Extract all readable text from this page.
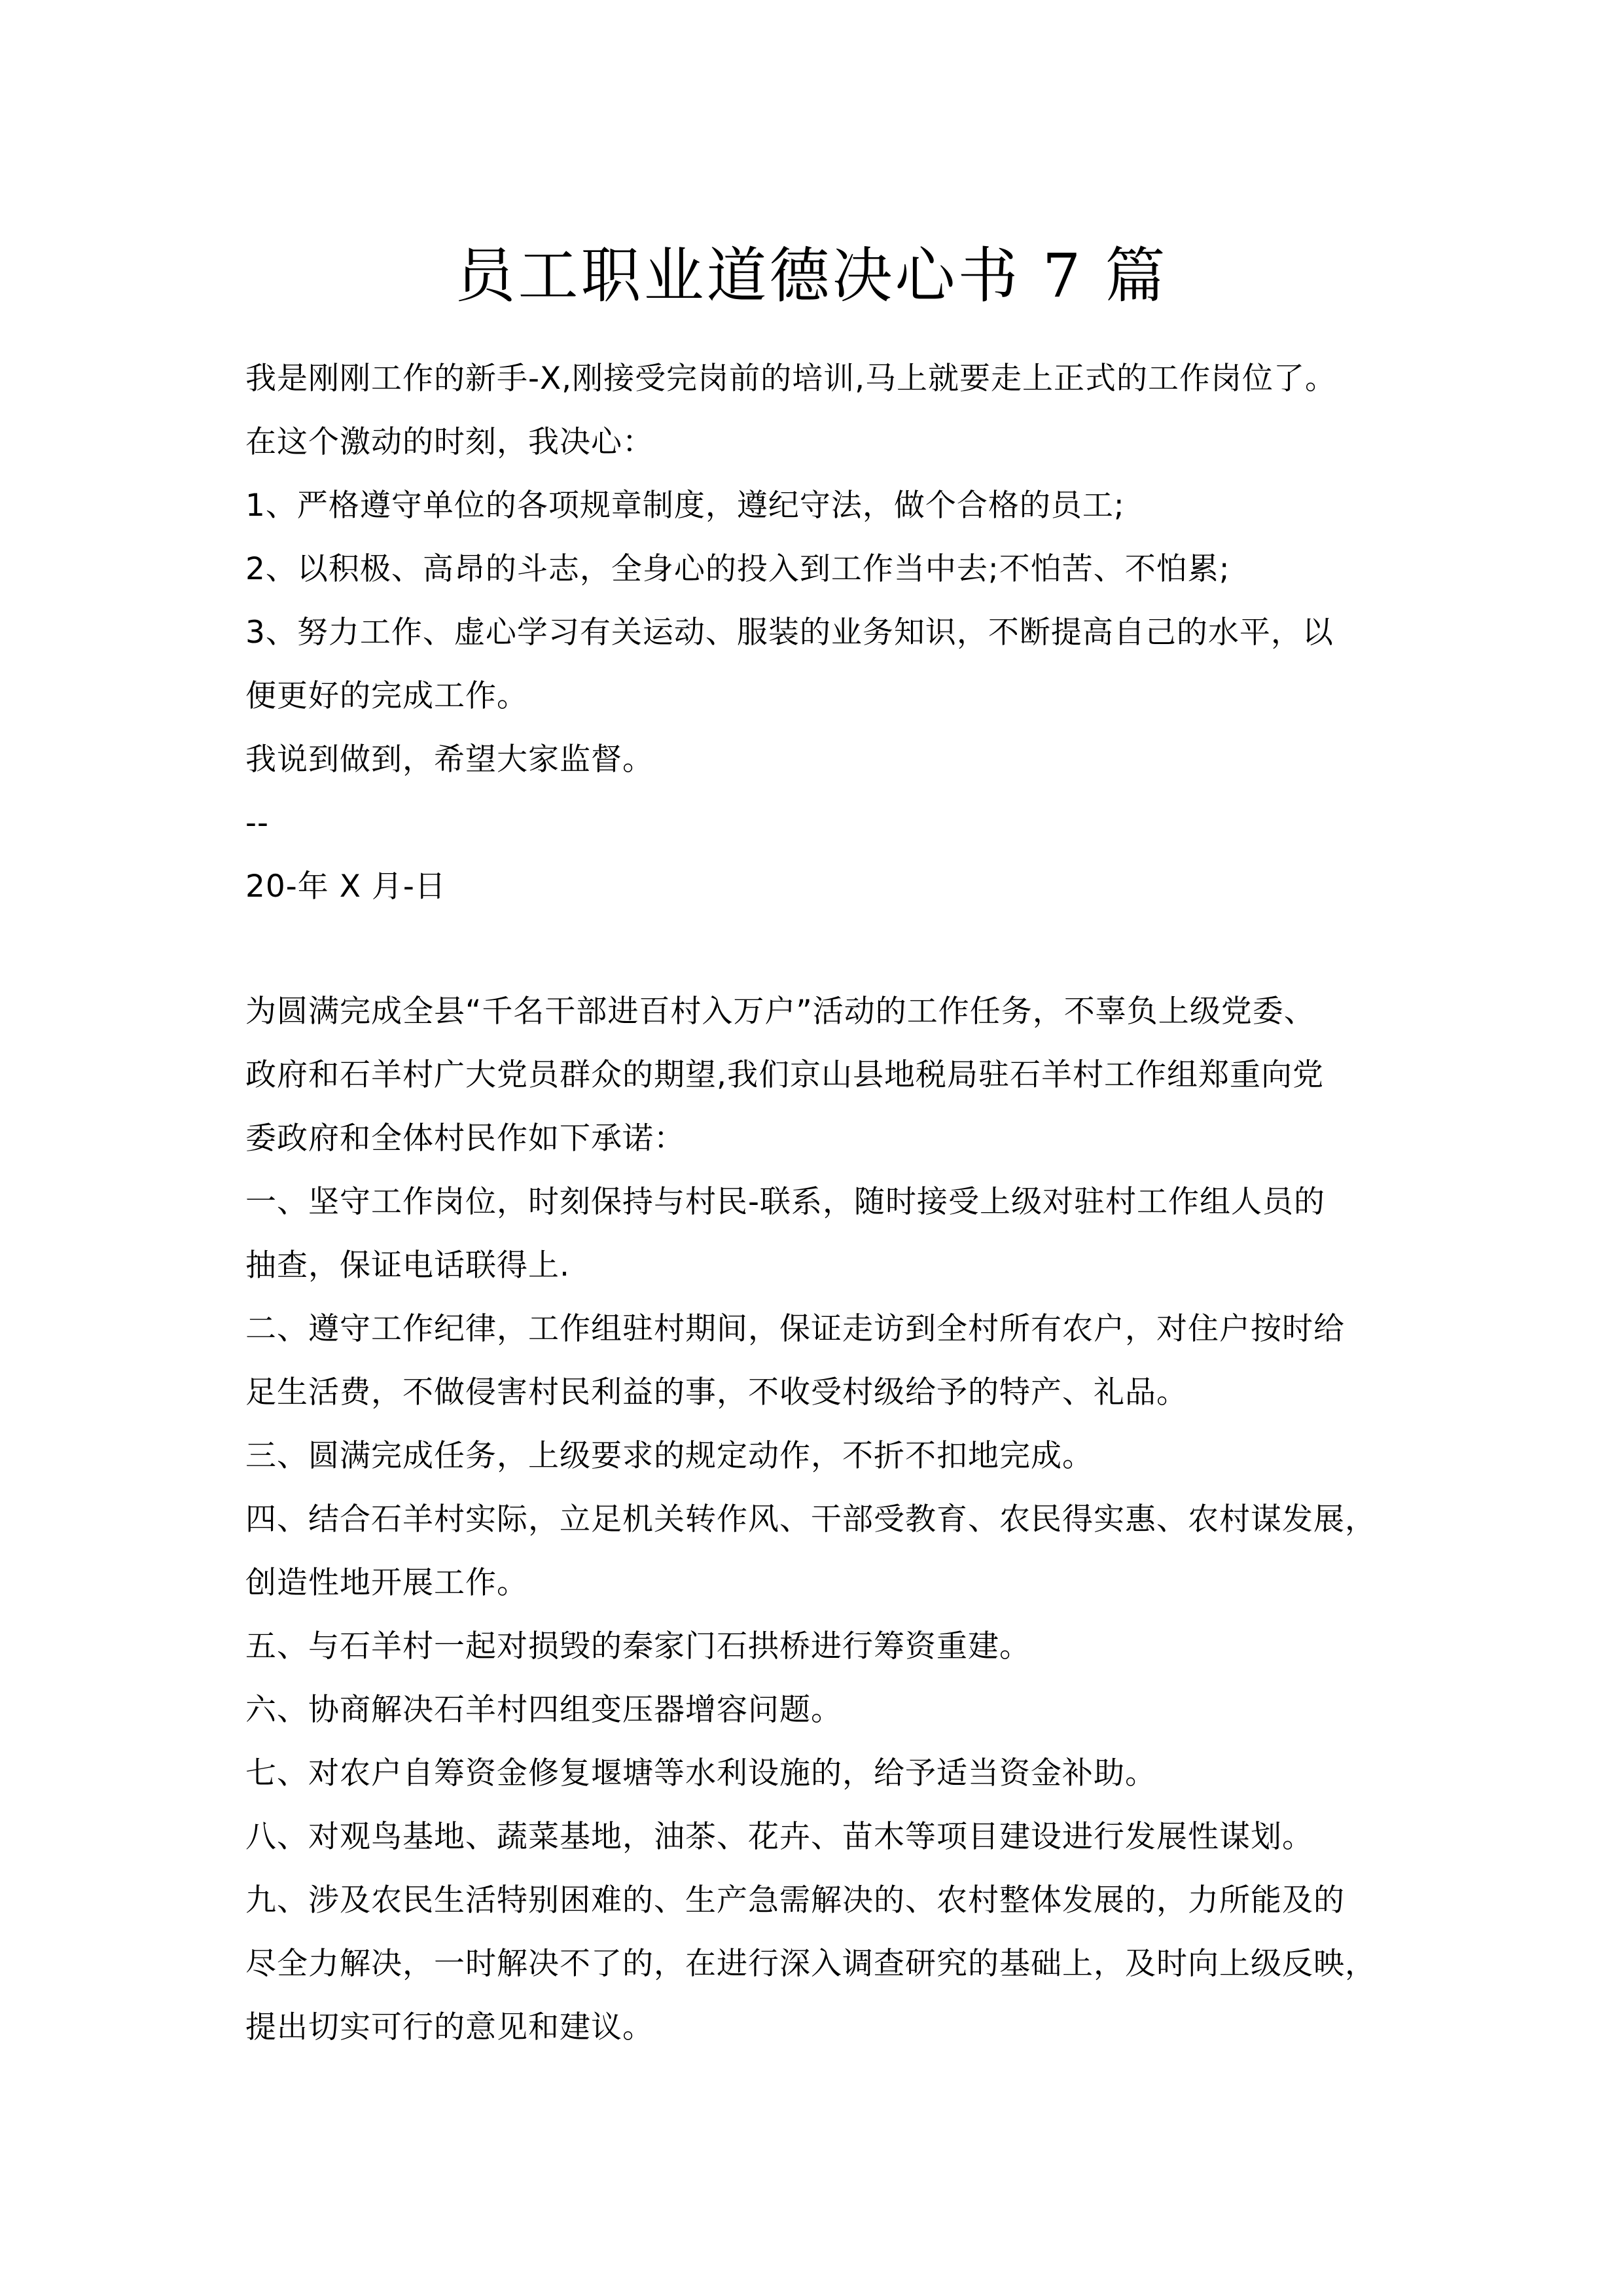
员工职业道德决心书 7 篇
我是刚刚工作的新手-X,刚接受完岗前的培训,马上就要走上正式的工作岗位了。
在这个激动的时刻，我决心：
1、严格遵守单位的各项规章制度，遵纪守法，做个合格的员工;
2、以积极、高昂的斗志，全身心的投入到工作当中去;不怕苦、不怕累;
3、努力工作、虚心学习有关运动、服装的业务知识，不断提高自己的水平，以
便更好的完成工作。
我说到做到，希望大家监督。
--
20-年 X 月-日
为圆满完成全县“千名干部进百村入万户”活动的工作任务，不辜负上级党委、
政府和石羊村广大党员群众的期望,我们京山县地税局驻石羊村工作组郑重向党
委政府和全体村民作如下承诺：
一、坚守工作岗位，时刻保持与村民-联系，随时接受上级对驻村工作组人员的
抽查，保证电话联得上.
二、遵守工作纪律，工作组驻村期间，保证走访到全村所有农户，对住户按时给
足生活费，不做侵害村民利益的事，不收受村级给予的特产、礼品。
三、圆满完成任务，上级要求的规定动作，不折不扣地完成。
四、结合石羊村实际，立足机关转作风、干部受教育、农民得实惠、农村谋发展，
创造性地开展工作。
五、与石羊村一起对损毁的秦家门石拱桥进行筹资重建。
六、协商解决石羊村四组变压器增容问题。
七、对农户自筹资金修复堰塘等水利设施的，给予适当资金补助。
八、对观鸟基地、蔬菜基地，油茶、花卉、苗木等项目建设进行发展性谋划。
九、涉及农民生活特别困难的、生产急需解决的、农村整体发展的，力所能及的
尽全力解决，一时解决不了的，在进行深入调查研究的基础上，及时向上级反映，
提出切实可行的意见和建议。
